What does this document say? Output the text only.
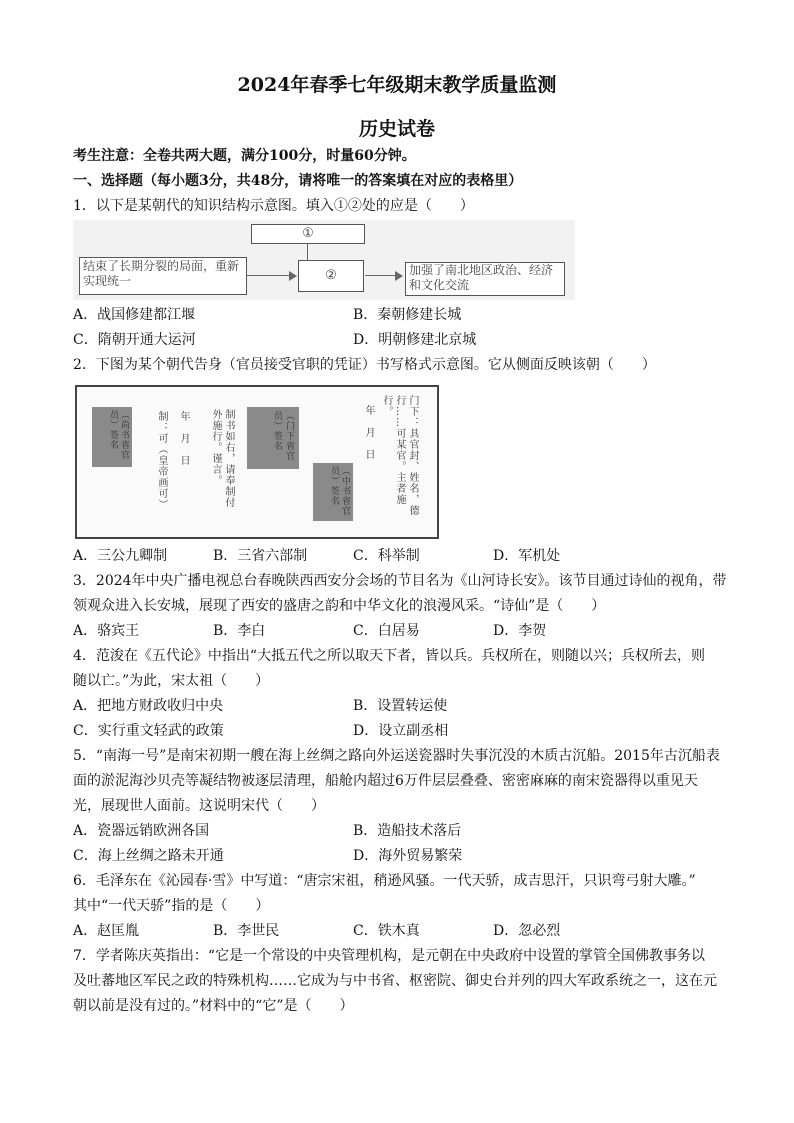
2024年春季七年级期末教学质量监测
历史试卷
考生注意：全卷共两大题，满分100分，时量60分钟。
一、选择题（每小题3分，共48分，请将唯一的答案填在对应的表格里）
1．以下是某朝代的知识结构示意图。填入①②处的应是（　　）
①
结束了长期分裂的局面，重新实现统一	②	加强了南北地区政治、经济和文化交流
A．战国修建都江堰	B．秦朝修建长城
C．隋朝开通大运河	D．明朝修建北京城
2．下图为某个朝代告身（官员接受官职的凭证）书写格式示意图。它从侧面反映该朝（　　）
门下：具官封、姓名，德行……可某官。主者施行。
年　月　日
（中书省官员）签名
制书如右，请奉制付外施行。谨言。	（门下省官员）签名
年　月　日
制：可（皇帝画可）
（尚书省官员）签名
A．三公九卿制	B．三省六部制	C．科举制	D．军机处
3．2024年中央广播电视总台春晚陕西西安分会场的节目名为《山河诗长安》。该节目通过诗仙的视角，带
领观众进入长安城，展现了西安的盛唐之韵和中华文化的浪漫风采。“诗仙”是（　　）
A．骆宾王	B．李白	C．白居易	D．李贺
4．范浚在《五代论》中指出“大抵五代之所以取天下者，皆以兵。兵权所在，则随以兴；兵权所去，则
随以亡。”为此，宋太祖（　　）
A．把地方财政收归中央	B．设置转运使
C．实行重文轻武的政策	D．设立副丞相
5．“南海一号”是南宋初期一艘在海上丝绸之路向外运送瓷器时失事沉没的木质古沉船。2015年古沉船表
面的淤泥海沙贝壳等凝结物被逐层清理，船舱内超过6万件层层叠叠、密密麻麻的南宋瓷器得以重见天
光，展现世人面前。这说明宋代（　　）
A．瓷器远销欧洲各国	B．造船技术落后
C．海上丝绸之路未开通	D．海外贸易繁荣
6．毛泽东在《沁园春·雪》中写道：“唐宗宋祖，稍逊风骚。一代天骄，成吉思汗，只识弯弓射大雕。”
其中“一代天骄”指的是（　　）
A．赵匡胤	B．李世民	C．铁木真	D．忽必烈
7．学者陈庆英指出：“它是一个常设的中央管理机构，是元朝在中央政府中设置的掌管全国佛教事务以
及吐蕃地区军民之政的特殊机构……它成为与中书省、枢密院、御史台并列的四大军政系统之一，这在元
朝以前是没有过的。”材料中的“它”是（　　）
